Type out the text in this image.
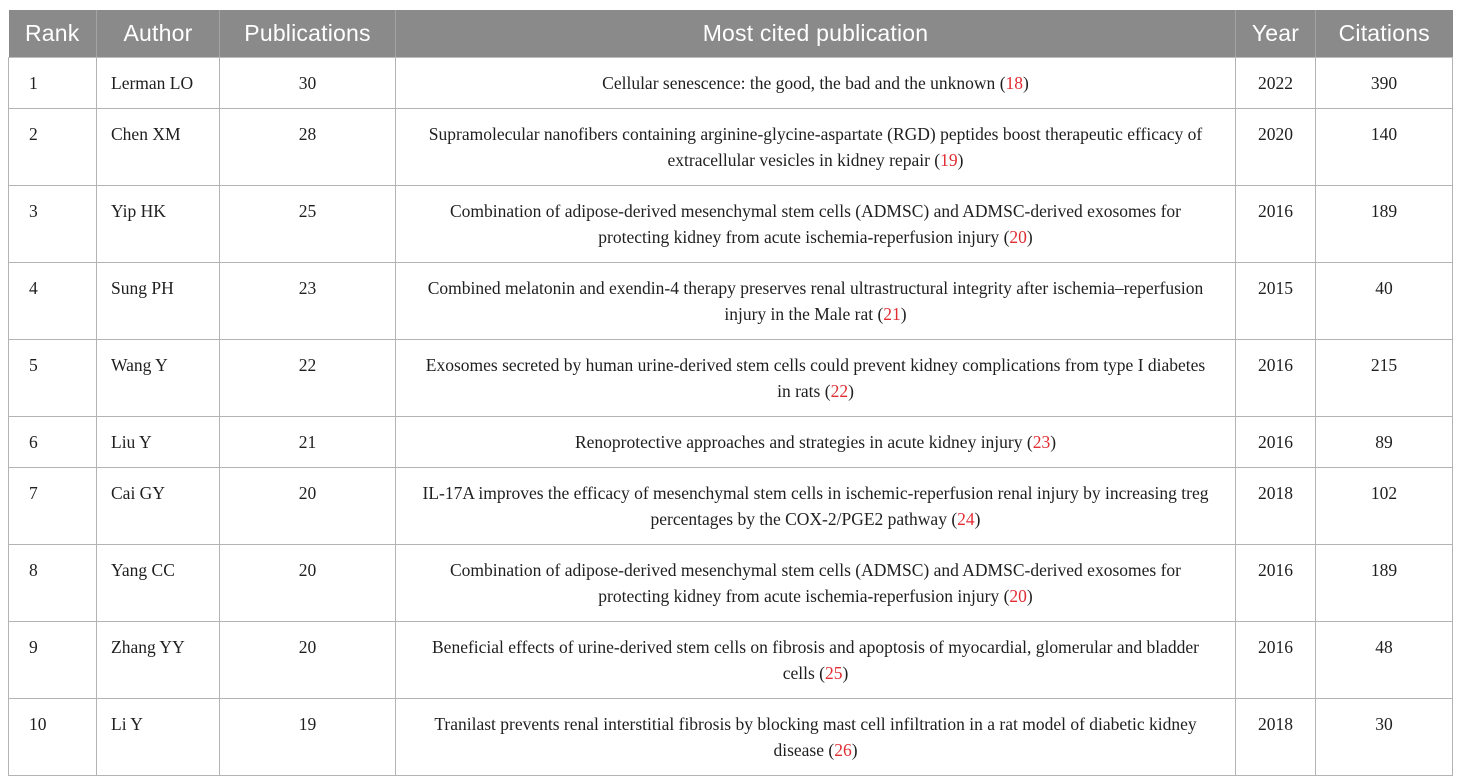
Rank	Author	Publications	Most cited publication	Year	Citations
1	Lerman LO	30	Cellular senescence: the good, the bad and the unknown (18)	2022	390
2	Chen XM	28	Supramolecular nanofibers containing arginine-glycine-aspartate (RGD) peptides boost therapeutic efficacy of extracellular vesicles in kidney repair (19)	2020	140
3	Yip HK	25	Combination of adipose-derived mesenchymal stem cells (ADMSC) and ADMSC-derived exosomes for protecting kidney from acute ischemia-reperfusion injury (20)	2016	189
4	Sung PH	23	Combined melatonin and exendin-4 therapy preserves renal ultrastructural integrity after ischemia–reperfusion injury in the Male rat (21)	2015	40
5	Wang Y	22	Exosomes secreted by human urine-derived stem cells could prevent kidney complications from type I diabetes in rats (22)	2016	215
6	Liu Y	21	Renoprotective approaches and strategies in acute kidney injury (23)	2016	89
7	Cai GY	20	IL-17A improves the efficacy of mesenchymal stem cells in ischemic-reperfusion renal injury by increasing treg percentages by the COX-2/PGE2 pathway (24)	2018	102
8	Yang CC	20	Combination of adipose-derived mesenchymal stem cells (ADMSC) and ADMSC-derived exosomes for protecting kidney from acute ischemia-reperfusion injury (20)	2016	189
9	Zhang YY	20	Beneficial effects of urine-derived stem cells on fibrosis and apoptosis of myocardial, glomerular and bladder cells (25)	2016	48
10	Li Y	19	Tranilast prevents renal interstitial fibrosis by blocking mast cell infiltration in a rat model of diabetic kidney disease (26)	2018	30
